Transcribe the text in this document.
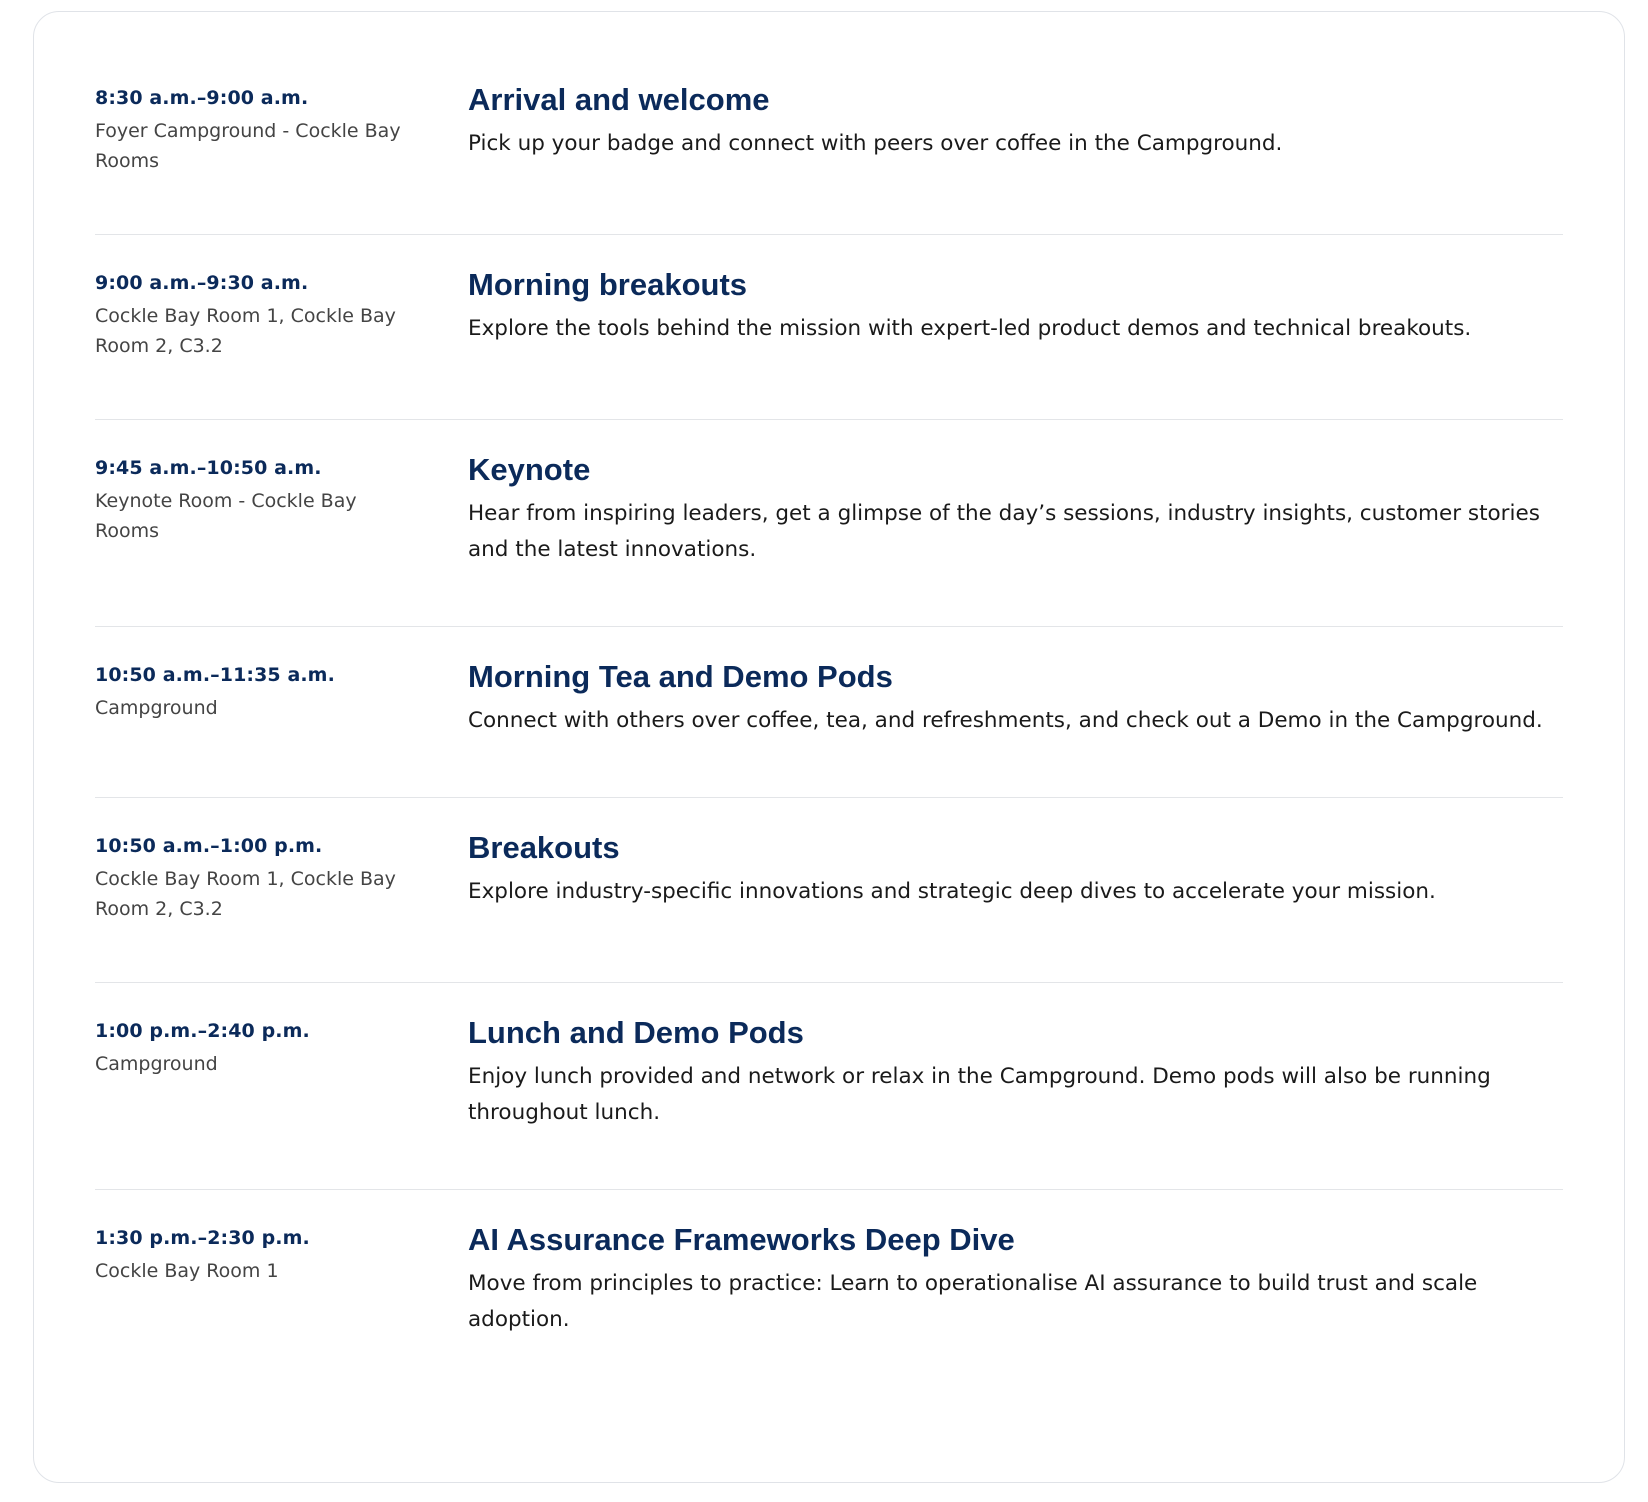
8:30 a.m.–9:00 a.m.
Foyer Campground - Cockle Bay Rooms
Arrival and welcome

Pick up your badge and connect with peers over coffee in the Campground.

9:00 a.m.–9:30 a.m.
Cockle Bay Room 1, Cockle Bay Room 2, C3.2
Morning breakouts

Explore the tools behind the mission with expert-led product demos and technical breakouts.

9:45 a.m.–10:50 a.m.
Keynote Room - Cockle Bay Rooms
Keynote

Hear from inspiring leaders, get a glimpse of the day’s sessions, industry insights, customer stories and the latest innovations.

10:50 a.m.–11:35 a.m.
Campground
Morning Tea and Demo Pods

Connect with others over coffee, tea, and refreshments, and check out a Demo in the Campground.

10:50 a.m.–1:00 p.m.
Cockle Bay Room 1, Cockle Bay Room 2, C3.2
Breakouts

Explore industry-specific innovations and strategic deep dives to accelerate your mission.

1:00 p.m.–2:40 p.m.
Campground
Lunch and Demo Pods

Enjoy lunch provided and network or relax in the Campground. Demo pods will also be running throughout lunch.

1:30 p.m.–2:30 p.m.
Cockle Bay Room 1
AI Assurance Frameworks Deep Dive

Move from principles to practice: Learn to operationalise AI assurance to build trust and scale adoption.
